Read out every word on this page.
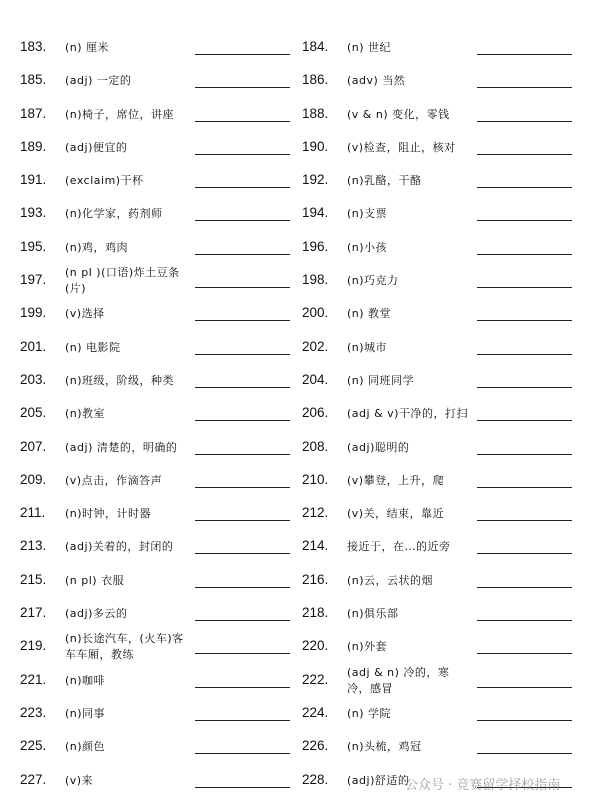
183. (n) 厘米
185. (adj) 一定的
187. (n)椅子，席位，讲座
189. (adj)便宜的
191. (exclaim)干杯
193. (n)化学家，药剂师
195. (n)鸡，鸡肉
197. (n pl )(口语)炸土豆条(片)
199. (v)选择
201. (n) 电影院
203. (n)班级，阶级，种类
205. (n)教室
207. (adj) 清楚的，明确的
209. (v)点击，作滴答声
211. (n)时钟，计时器
213. (adj)关着的，封闭的
215. (n pl) 衣服
217. (adj)多云的
219. (n)长途汽车，(火车)客车车厢，教练
221. (n)咖啡
223. (n)同事
225. (n)颜色
227. (v)来
184. (n) 世纪
186. (adv) 当然
188. (v & n) 变化，零钱
190. (v)检查，阻止，核对
192. (n)乳酪，干酪
194. (n)支票
196. (n)小孩
198. (n)巧克力
200. (n) 教堂
202. (n)城市
204. (n) 同班同学
206. (adj & v)干净的，打扫
208. (adj)聪明的
210. (v)攀登，上升，爬
212. (v)关，结束，靠近
214. 接近于，在…的近旁
216. (n)云，云状的烟
218. (n)俱乐部
220. (n)外套
222. (adj & n) 冷的，寒冷，感冒
224. (n) 学院
226. (n)头梳，鸡冠
228. (adj)舒适的
公众号 · 竞赛留学择校指南
